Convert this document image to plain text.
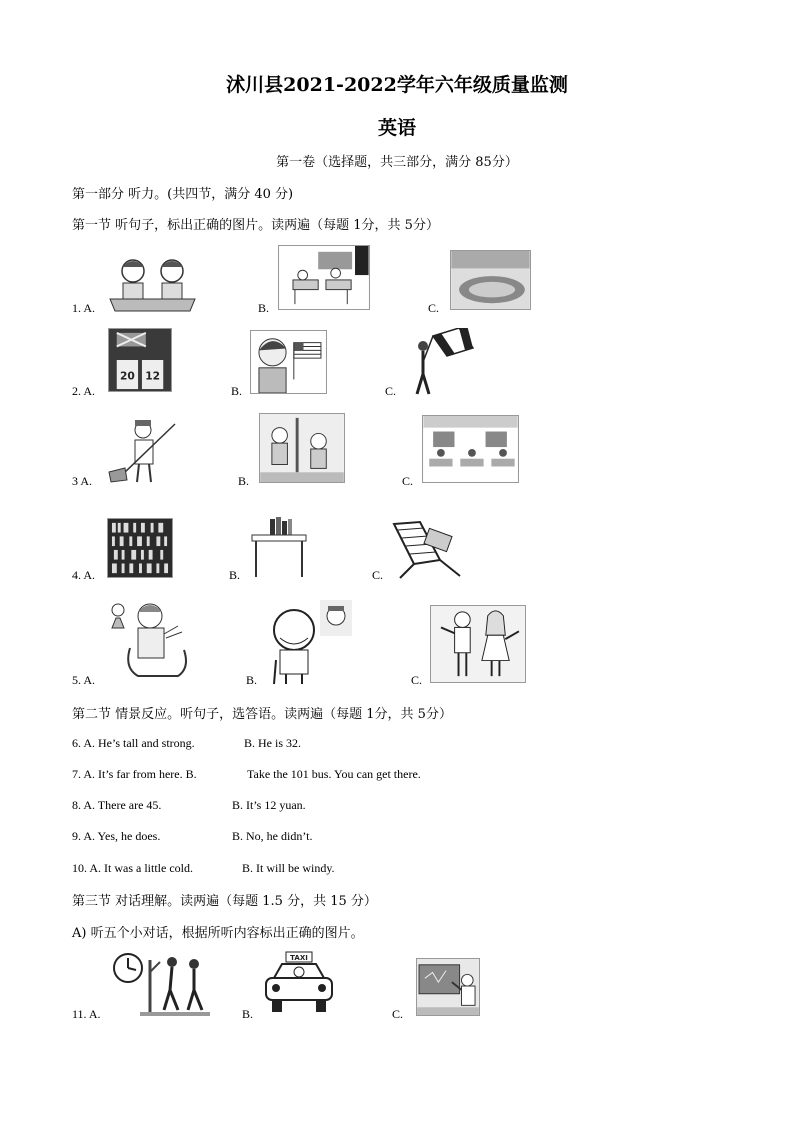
沭川县2021-2022学年六年级质量监测
英语
第一卷（选择题，共三部分，满分 85分）
第一部分 听力。(共四节，满分 40 分)
第一节 听句子，标出正确的图片。读两遍（每题 1分，共 5分）
1. A.	B.	C.
2. A.
20 12
B.	C.
3 A.	B.	C.
4. A.	B.	C.
5. A.	B.	C.
第二节 情景反应。听句子，选答语。读两遍（每题 1分，共 5分）
6. A. He’s tall and strong.	B. He is 32.
7. A. It’s far from here. B.	Take the 101 bus. You can get there.
8. A. There are 45.	B. It’s 12 yuan.
9. A. Yes, he does.	B. No, he didn’t.
10. A. It was a little cold.	B. It will be windy.
第三节 对话理解。读两遍（每题 1.5 分，共 15 分）
A) 听五个小对话，根据所听内容标出正确的图片。
11. A.	B.
TAXI
C.
